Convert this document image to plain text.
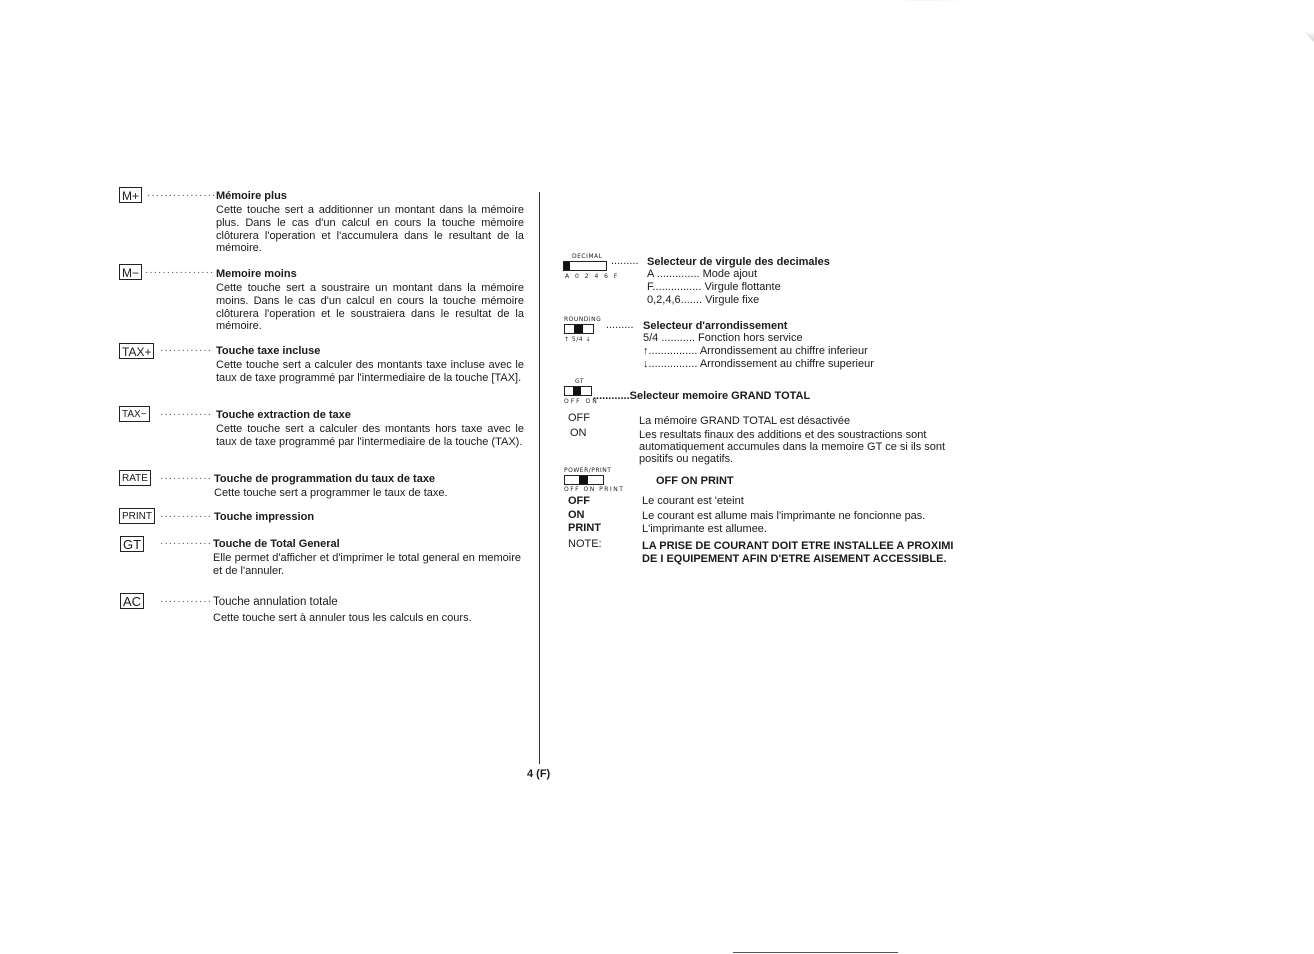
M+ ················ Mémoire plus
Cette touche sert a additionner un montant dans la mémoire plus. Dans le cas d'un calcul en cours la touche mémoire clôturera l'operation et l'accumulera dans le resultant de la mémoire.
M− ················ Memoire moins
Cette touche sert a soustraire un montant dans la mémoire moins. Dans le cas d'un calcul en cours la touche mémoire clôturera l'operation et le soustraiera dans le resultat de la mémoire.
TAX+ ············ Touche taxe incluse
Cette touche sert a calculer des montants taxe incluse avec le taux de taxe programmé par l'intermediaire de la touche [TAX].
TAX−	············ Touche extraction de taxe
Cette touche sert a calculer des montants hors taxe avec le taux de taxe programmé par l'intermediaire de la touche (TAX).
RATE	············ Touche de programmation du taux de taxe
Cette touche sert a programmer le taux de taxe.
PRINT ············ Touche impression
GT	············ Touche de Total General
Elle permet d'afficher et d'imprimer le total general en memoire et de l'annuler.
AC	············ Touche annulation totale
Cette touche sert à annuler tous les calculs en cours.
DECIMAL
A 0 2 4 6 F
......... Selecteur de virgule des decimales
A .............. Mode ajout
F................ Virgule flottante
0,2,4,6....... Virgule fixe
ROUNDING
↑ 5/4 ↓
......... Selecteur d'arrondissement
5/4 ........... Fonction hors service
↑................ Arrondissement au chiffre inferieur
↓................ Arrondissement au chiffre superieur
GT
OFF ON
............Selecteur memoire GRAND TOTAL
OFF	La mémoire GRAND TOTAL est désactivée
ON	Les resultats finaux des additions et des soustractions sont automatiquement accumules dans la memoire GT ce si ils sont positifs ou negatifs.
POWER/PRINT
OFF ON PRINT
OFF ON PRINT
OFF	Le courant est 'eteint
ON	Le courant est allume mais l'imprimante ne foncionne pas.
PRINT	L'imprimante est allumee.
NOTE:	LA PRISE DE COURANT DOIT ETRE INSTALLEE A PROXIMI
DE I EQUIPEMENT AFIN D'ETRE AISEMENT ACCESSIBLE.
4 (F)
